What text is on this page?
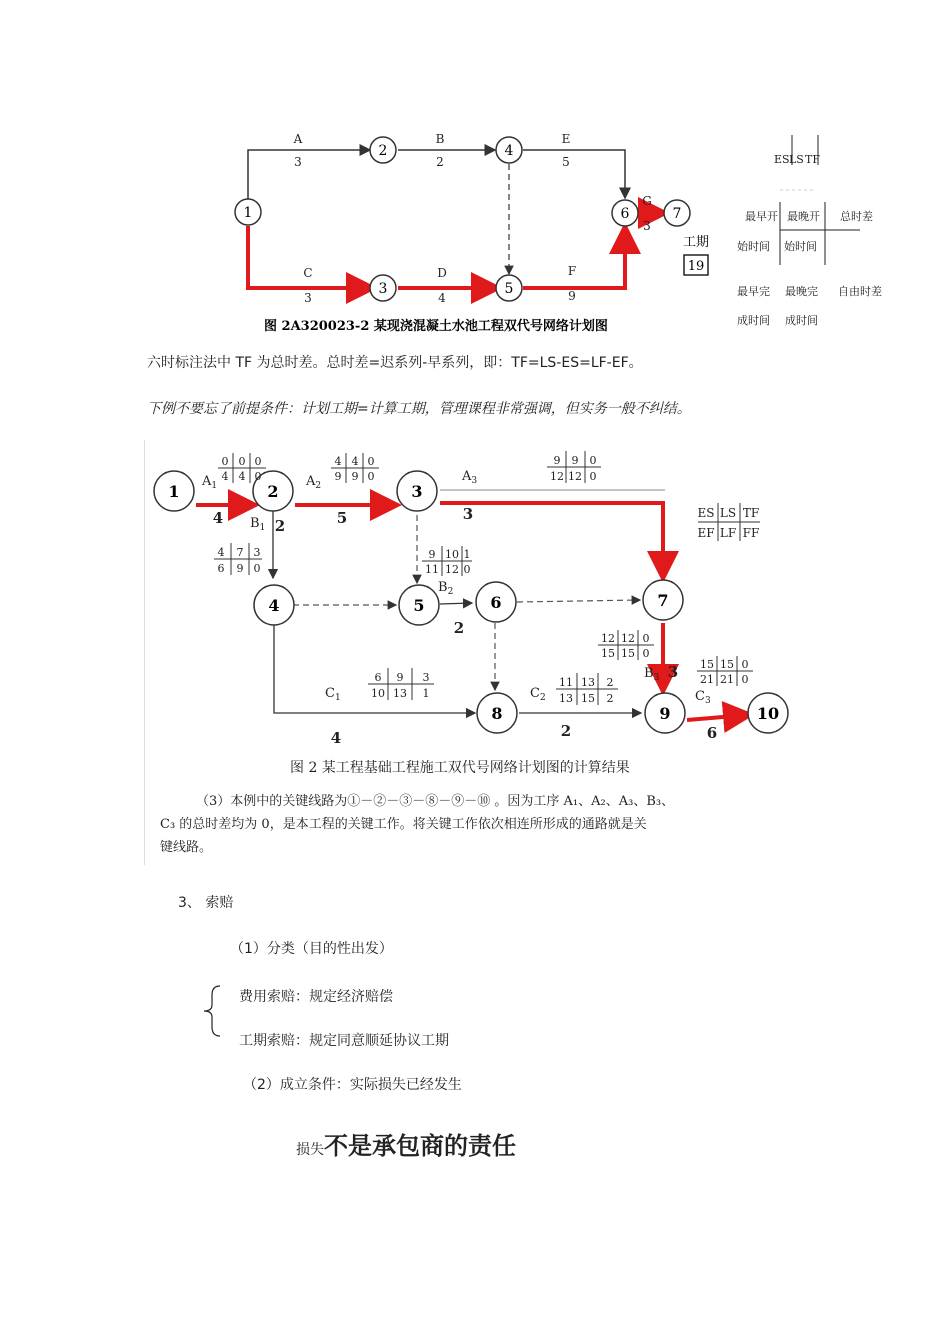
1
2
3
4
5
6	7
A
3
B
2
E
5
C
3
D
4
F
9
G
3
工期
19
图 2A320023-2 某现浇混凝土水池工程双代号网络计划图
ES LS TF
最早开 最晚开 总时差
始时间 始时间
最早完 最晚完 自由时差
成时间 成时间
六时标注法中 TF 为总时差。总时差=迟系列-早系列，即：TF=LS-ES=LF-EF。
下例不要忘了前提条件：计划工期=计算工期，管理课程非常强调，但实务一般不纠结。
1	2	3
4	5	6	7
8	9	10
$A_1$	$A_2$
$A_3$
$B_1$
$B_2$
$B_3$
$C_1$	$C_2$	$C_3$
4	5	3
2
2
3
4	2	6
0 0 0
4 4 0
4 4 0
9 9 0
9 9 0
12 12 0
4 7 3
6 9 0
9 10 1
11 12 0
6 9 3
10 13 1
11 13 2
13 15 2
12 12 0
15 15 0
15 15 0
21 21 0
ES LS TF
EF LF FF
图 2 某工程基础工程施工双代号网络计划图的计算结果
（3）本例中的关键线路为①－②－③－⑧－⑨－⑩ 。因为工序 A₁、A₂、A₃、B₃、
C₃ 的总时差均为 0，是本工程的关键工作。将关键工作依次相连所形成的通路就是关
键线路。
3、 索赔
（1）分类（目的性出发）
费用索赔：规定经济赔偿
工期索赔：规定同意顺延协议工期
（2）成立条件：实际损失已经发生
损失不是承包商的责任
